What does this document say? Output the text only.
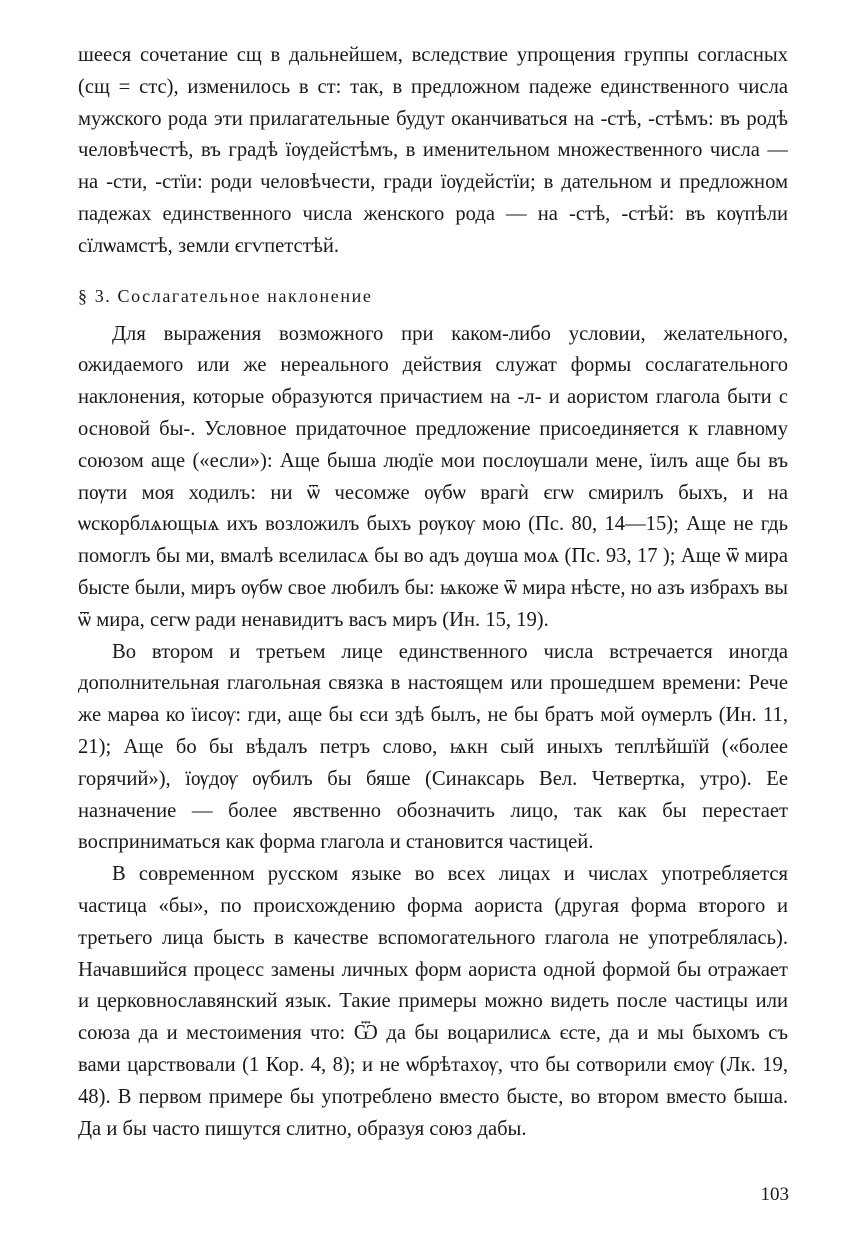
шееся сочетание сщ в дальнейшем, вследствие упрощения группы согласных (сщ = стс), изменилось в ст: так, в предложном падеже единственного числа мужского рода эти прилагательные будут оканчиваться на -стѣ, -стѣмъ: въ родѣ человѣчестѣ, въ градѣ їѹдейстѣмъ, в именительном множественного числа — на -сти, -стїи: роди человѣчести, гради їѹдейстїи; в дательном и предложном падежах единственного числа женского рода — на -стѣ, -стѣй: въ кѹпѣли сїлѡамстѣ, земли єгѵпетстѣй.

§ 3. Сослагательное наклонение

Для выражения возможного при каком-либо условии, желательного, ожидаемого или же нереального действия служат формы сослагательного наклонения, которые образуются причастием на -л- и аористом глагола быти с основой бы-. Условное придаточное предложение присоединяется к главному союзом аще («если»): Аще быша людїе мои послѹшали мене, їилъ аще бы въ пѹти моя ходилъ: ни ѿ чесомже ѹбѡ врагѝ єгѡ смирилъ быхъ, и на ѡскорблѧющыѧ ихъ возложилъ быхъ рѹкѹ мою (Пс. 80, 14—15); Аще не гдь помоглъ бы ми, вмалѣ вселиласѧ бы во адъ дѹша моѧ (Пс. 93, 17 ); Аще ѿ мира бысте были, миръ ѹбѡ свое любилъ бы: ѩкоже ѿ мира нѣсте, но азъ избрахъ вы ѿ мира, сегѡ ради ненавидитъ васъ миръ (Ин. 15, 19).

Во втором и третьем лице единственного числа встречается иногда дополнительная глагольная связка в настоящем или прошедшем времени: Рече же марѳа ко їисѹ: гди, аще бы єси здѣ былъ, не бы братъ мой ѹмерлъ (Ин. 11, 21); Аще бо бы вѣдалъ петръ слово, ѩкн сый иныхъ теплѣйшїй («более горячий»), їѹдѹ ѹбилъ бы бяше (Синаксарь Вел. Четвертка, утро). Ее назначение — более явственно обозначить лицо, так как бы перестает восприниматься как форма глагола и становится частицей.

В современном русском языке во всех лицах и числах употребляется частица «бы», по происхождению форма аориста (другая форма второго и третьего лица бысть в качестве вспомогательного глагола не употреблялась). Начавшийся процесс замены личных форм аориста одной формой бы отражает и церковнославянский язык. Такие примеры можно видеть после частицы или союза да и местоимения что: Ѿ да бы воцарилисѧ єсте, да и мы быхомъ съ вами царствовали (1 Кор. 4, 8); и не ѡбрѣтахѹ, что бы сотворили ємѹ (Лк. 19, 48). В первом примере бы употреблено вместо бысте, во втором вместо быша. Да и бы часто пишутся слитно, образуя союз дабы.

103
